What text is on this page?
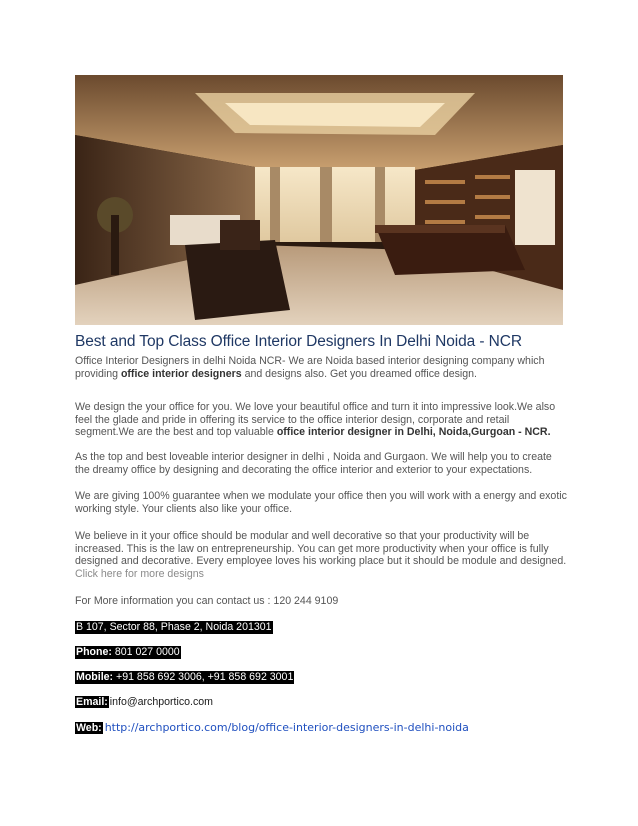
Best and Top Class Office Interior Designers In Delhi Noida - NCR

Office Interior Designers in delhi Noida NCR- We are Noida based interior designing company which providing office interior designers and designs also. Get you dreamed office design.

We design the your office for you. We love your beautiful office and turn it into impressive look.We also feel the glade and pride in offering its service to the office interior design, corporate and retail segment.We are the best and top valuable office interior designer in Delhi, Noida,Gurgoan - NCR.

As the top and best loveable interior designer in delhi , Noida and Gurgaon. We will help you to create the dreamy office by designing and decorating the office interior and exterior to your expectations.

We are giving 100% guarantee when we modulate your office then you will work with a energy and exotic working style. Your clients also like your office.

We believe in it your office should be modular and well decorative so that your productivity will be increased. This is the law on entrepreneurship. You can get more productivity when your office is fully designed and decorative. Every employee loves his working place but it should be module and designed. Click here for more designs

For More information you can contact us : 120 244 9109
B 107, Sector 88, Phase 2, Noida 201301
Phone: 801 027 0000
Mobile: +91 858 692 3006, +91 858 692 3001
Email: info@archportico.com
Web: http://archportico.com/blog/office-interior-designers-in-delhi-noida
